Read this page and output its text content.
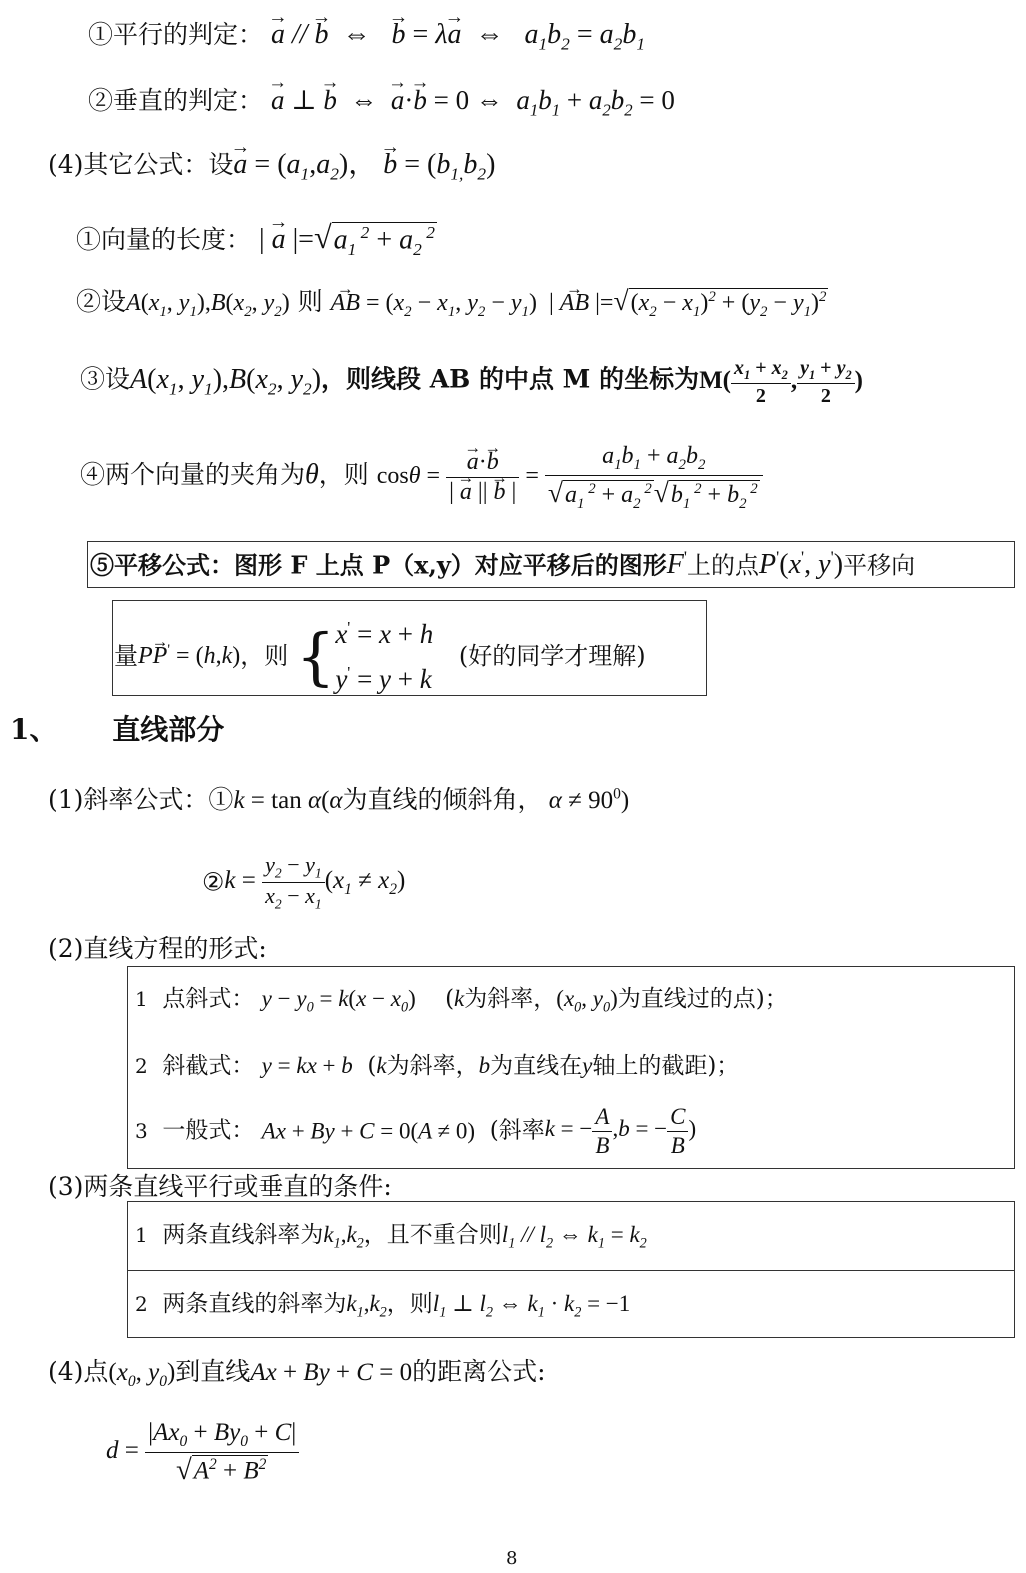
①平行的判定： → a // → b  ⇔   → b = λ→ a  ⇔   $a_1b_2 = a_2b_1$
②垂直的判定： → a ⊥ → b  ⇔  → a·→ b = 0 ⇔  $a_1b_1 + a_2b_2 = 0$
(4)其它公式：设→ $a = (a_1,a_2)$， → $b = (b_{1,}b_2)$
①向量的长度： | → a $|=√a_1$ $^2 + a_2$ $^2$
②设$A(x_1$, $y_1),B(x_2$, $y_2$) 则 → AB = ($x_2 - x_1$, $y_2 - y_1$)  | → AB $|=√(x_2 - x_1)^2 + (y_2 - y_1)^2$
③设$A(x_1$, $y_1),B(x_2$, $y_2$)，则线段 AB 的中点 M 的坐标为$M( \frac{x_1 + x_2}{2}$ , $\frac{y_1 + y_2}{2}$ )
④两个向量的夹角为θ，则 cosθ = → $\frac{a\cdot\to b}{| \to a || \to b |} = \frac{a_1b_1 + a_2b_2}{√a_1 ^2 + a_2 ^2√b_1 ^2 + b_2 ^2}$
⑤平移公式：图形 F 上点 P（x,y）对应平移后的图形F'上的点P'(x', y')平移向
量P→ P' = (h,k)，则 {x' = x + h
y' = y + k (好的同学才理解)
1、 直线部分
(1)斜率公式：①k = tan α(α为直线的倾斜角， $\alpha \ne 90^0$)
②k = $\frac{y_2 - y_1}{x_2 - x_1} (x_1 \ne x_2)$
(2)直线方程的形式:
1 点斜式： $y - y_0 = k(x - x_0)$ (k为斜率，($x_0$, $y_0$)为直线过的点)；
2 斜截式： y = kx + b (k为斜率，b为直线在y轴上的截距)；
3 一般式： Ax + By + C = 0(A ≠ 0) (斜率k = − $\frac{A}{B} ,b$ = − $\frac{C}{B}$ )
(3)两条直线平行或垂直的条件:
1 两条直线斜率为$k_1,k_2$，且不重合则$l_1 // l_2$ ⇔ $k_1 = k_2$
2 两条直线的斜率为$k_1,k_2$，则$l_1$ ⊥ $l_2$ ⇔ $k_1 \cdot k_2 = -1$
(4)点($x_0$, $y_0$)到直线Ax + By + C = 0的距离公式:
$d = \frac{|Ax_0 + By_0 + C|}{√A^2 + B^2}$
8
